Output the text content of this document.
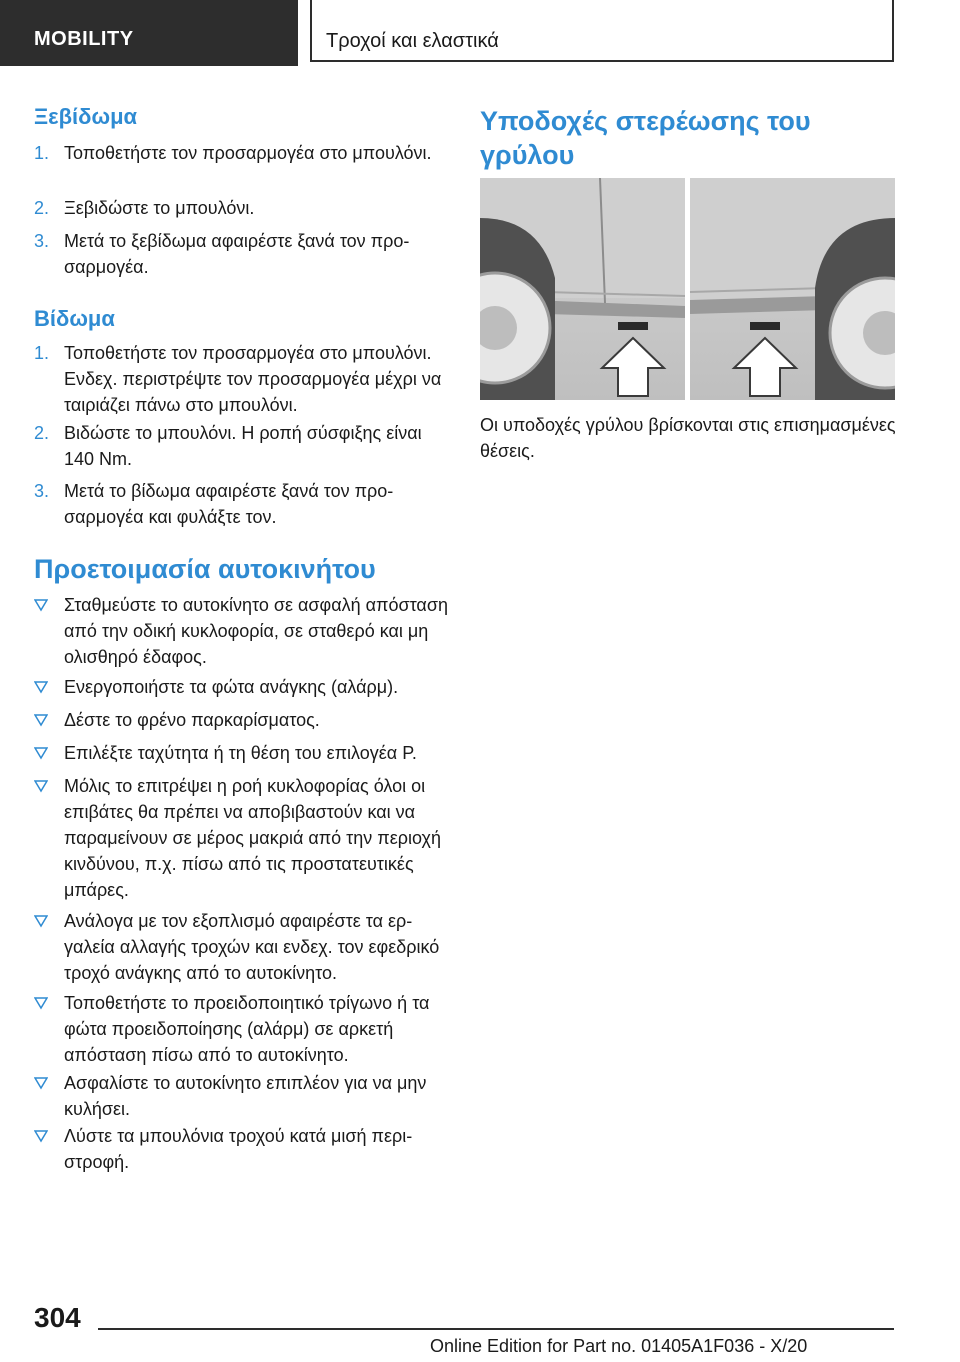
MOBILITY	Τροχοί και ελαστικά
Ξεβίδωμα
1. Τοποθετήστε τον προσαρμογέα στο μπουλόνι.
2. Ξεβιδώστε το μπουλόνι.
3. Μετά το ξεβίδωμα αφαιρέστε ξανά τον προσαρμογέα.
Βίδωμα
1. Τοποθετήστε τον προσαρμογέα στο μπουλόνι. Ενδεχ. περιστρέψτε τον προσαρμογέα μέχρι να ταιριάζει πάνω στο μπουλόνι.
2. Βιδώστε το μπουλόνι. Η ροπή σύσφιξης είναι 140 Nm.
3. Μετά το βίδωμα αφαιρέστε ξανά τον προσαρμογέα και φυλάξτε τον.
Προετοιμασία αυτοκινήτου
Σταθμεύστε το αυτοκίνητο σε ασφαλή απόσταση από την οδική κυκλοφορία, σε σταθερό και μη ολισθηρό έδαφος.
Ενεργοποιήστε τα φώτα ανάγκης (αλάρμ).
Δέστε το φρένο παρκαρίσματος.
Επιλέξτε ταχύτητα ή τη θέση του επιλογέα P.
Μόλις το επιτρέψει η ροή κυκλοφορίας όλοι οι επιβάτες θα πρέπει να αποβιβαστούν και να παραμείνουν σε μέρος μακριά από την περιοχή κινδύνου, π.χ. πίσω από τις προστατευτικές μπάρες.
Ανάλογα με τον εξοπλισμό αφαιρέστε τα εργαλεία αλλαγής τροχών και ενδεχ. τον εφεδρικό τροχό ανάγκης από το αυτοκίνητο.
Τοποθετήστε το προειδοποιητικό τρίγωνο ή τα φώτα προειδοποίησης (αλάρμ) σε αρκετή απόσταση πίσω από το αυτοκίνητο.
Ασφαλίστε το αυτοκίνητο επιπλέον για να μην κυλήσει.
Λύστε τα μπουλόνια τροχού κατά μισή περιστροφή.
Υποδοχές στερέωσης του γρύλου
Οι υποδοχές γρύλου βρίσκονται στις επισημασμένες θέσεις.
304
Online Edition for Part no. 01405A1F036 - X/20
